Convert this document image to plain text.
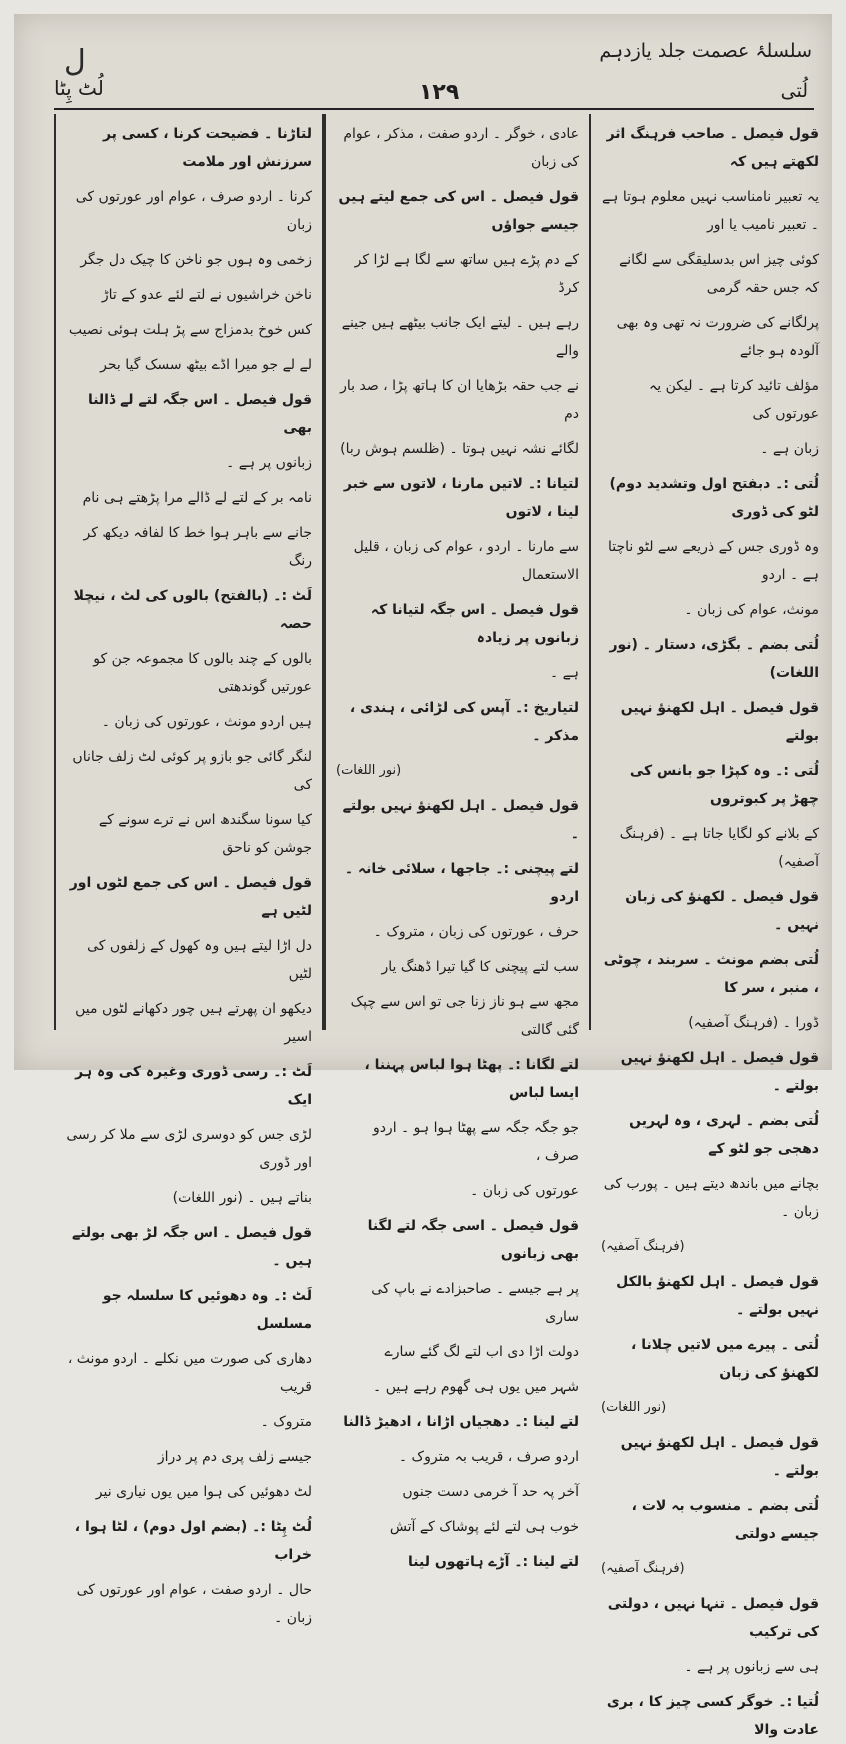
ل	سلسلۂ عصمت جلد یازدہم
لُٹ پِٹا	۱۲۹	لُتی

قول فیصل ۔ صاحب فرہنگ اثر لکھتے ہیں کہ

یہ تعبیر نامناسب نہیں معلوم ہوتا ہے ۔ تعبیر نامیب یا اور

کوئی چیز اس بدسلیقگی سے لگانے کہ جس حقہ گرمی

پرلگانے کی ضرورت نہ تھی وہ بھی آلودہ ہو جائے

مؤلف تائید کرتا ہے ۔ لیکن یہ عورتوں کی

زبان ہے ۔

لُتی :۔ دبفتح اول وتشدید دوم) لٹو کی ڈوری

وہ ڈوری جس کے ذریعے سے لٹو ناچتا ہے ۔ اردو

مونث، عوام کی زبان ۔

لُتی بضم ۔ بگڑی، دستار ۔ (نور اللغات)

قول فیصل ۔ اہل لکھنؤ نہیں بولتے

لُتی :۔ وہ کپڑا جو بانس کی چھڑ پر کبوتروں

کے بلانے کو لگایا جاتا ہے ۔ (فرہنگ آصفیہ)

قول فیصل ۔ لکھنؤ کی زبان نہیں ۔

لُتی بضم مونث ۔ سربند ، چوٹی ، منبر ، سر کا

ڈورا ۔ (فرہنگ آصفیہ)

قول فیصل ۔ اہل لکھنؤ نہیں بولتے ۔

لُتی بضم ۔ لہری ، وہ لہریں دھجی جو لٹو کے

بچانے میں باندھ دیتے ہیں ۔ پورب کی زبان ۔

(فرہنگ آصفیہ)

قول فیصل ۔ اہل لکھنؤ بالکل نہیں بولتے ۔

لُتی ۔ پیرے میں لاتیں چلانا ، لکھنؤ کی زبان

(نور اللغات)

قول فیصل ۔ اہل لکھنؤ نہیں بولتے ۔

لُتی بضم ۔ منسوب بہ لات ، جیسے دولتی

(فرہنگ آصفیہ)

قول فیصل ۔ تنہا نہیں ، دولتی کی ترکیب

ہی سے زبانوں پر ہے ۔

لُتیا :۔ خوگر کسی چیز کا ، بری عادت والا

عادی ، خوگر ۔ اردو صفت ، مذکر ، عوام کی زبان

قول فیصل ۔ اس کی جمع لیتے ہیں جیسے جواؤں

کے دم پڑے ہیں ساتھ سے لگا ہے لڑا کر کرڈ

رہے ہیں ۔ لیتے ایک جانب بیٹھے ہیں جینے والے

نے جب حقہ بڑھایا ان کا ہاتھ پڑا ، صد بار دم

لگائے نشہ نہیں ہوتا ۔ (ظلسم ہوش ربا)

لتیانا :۔ لاتیں مارنا ، لاتوں سے خبر لینا ، لاتوں

سے مارنا ۔ اردو ، عوام کی زبان ، قلیل الاستعمال

قول فیصل ۔ اس جگہ لتیانا کہ زبانوں پر زیادہ

ہے ۔

لتیاریخ :۔ آپس کی لڑائی ، ہندی ، مذکر ۔

(نور اللغات)

قول فیصل ۔ اہل لکھنؤ نہیں بولتے ۔

لتے پیچنی :۔ جاجھا ، سلائی خانہ ۔ اردو

حرف ، عورتوں کی زبان ، متروک ۔

سب لتے پیچنی کا گیا تیرا ڈھنگ یار

مجھ سے ہو ناز زنا جی تو اس سے چپک گئی گالتی

لتے لگانا :۔ پھٹا ہوا لباس پہننا ، ایسا لباس

جو جگہ جگہ سے پھٹا ہوا ہو ۔ اردو صرف ،

عورتوں کی زبان ۔

قول فیصل ۔ اسی جگہ لتے لگنا بھی زبانوں

پر ہے جیسے ۔ صاحبزادے نے باپ کی ساری

دولت اڑا دی اب لتے لگ گئے سارے

شہر میں یوں ہی گھوم رہے ہیں ۔

لتے لینا :۔ دھجیاں اڑانا ، ادھیڑ ڈالنا

اردو صرف ، قریب بہ متروک ۔

آخر پہ حد آ خرمی دست جنوں

خوب ہی لتے لئے پوشاک کے آتش

لتے لینا :۔ آڑے ہاتھوں لینا

لتاڑنا ۔ فضیحت کرنا ، کسی پر سرزنش اور ملامت

کرنا ۔ اردو صرف ، عوام اور عورتوں کی زبان

زخمی وہ ہوں جو ناخن کا چیک دل جگر

ناخن خراشیوں نے لتے لئے عدو کے تاڑ

کس خوخ بدمزاج سے پڑ ہلت ہوئی نصیب

لے لے جو میرا اڈے بیٹھ سسک گیا بحر

قول فیصل ۔ اس جگہ لتے لے ڈالنا بھی

زبانوں پر ہے ۔

نامہ بر کے لتے لے ڈالے مرا پڑھتے ہی نام

جانے سے باہر ہوا خط کا لفافہ دیکھ کر رنگ

لَٹ :۔ (بالفتح) بالوں کی لٹ ، نیچلا حصہ

بالوں کے چند بالوں کا مجموعہ جن کو عورتیں گوندھتی

ہیں اردو مونث ، عورتوں کی زبان ۔

لنگر گائی جو بازو پر کوئی لٹ زلف جاناں کی

کیا سونا سگندھ اس نے ترے سونے کے جوشن کو ناحق

قول فیصل ۔ اس کی جمع لٹوں اور لٹیں ہے

دل اڑا لیتے ہیں وہ کھول کے زلفوں کی لٹیں

دیکھو ان پھرتے ہیں چور دکھانے لٹوں میں اسیر

لَٹ :۔ رسی ڈوری وغیرہ کی وہ ہر ایک

لڑی جس کو دوسری لڑی سے ملا کر رسی اور ڈوری

بناتے ہیں ۔ (نور اللغات)

قول فیصل ۔ اس جگہ لڑ بھی بولتے ہیں ۔

لَٹ :۔ وہ دھوئیں کا سلسلہ جو مسلسل

دھاری کی صورت میں نکلے ۔ اردو مونث ، قریب

متروک ۔

جیسے زلف پری دم پر دراز

لٹ دھوئیں کی ہوا میں یوں نیاری نیر

لُٹ پِٹا :۔ (بضم اول دوم) ، لٹا ہوا ، خراب

حال ۔ اردو صفت ، عوام اور عورتوں کی زبان ۔
